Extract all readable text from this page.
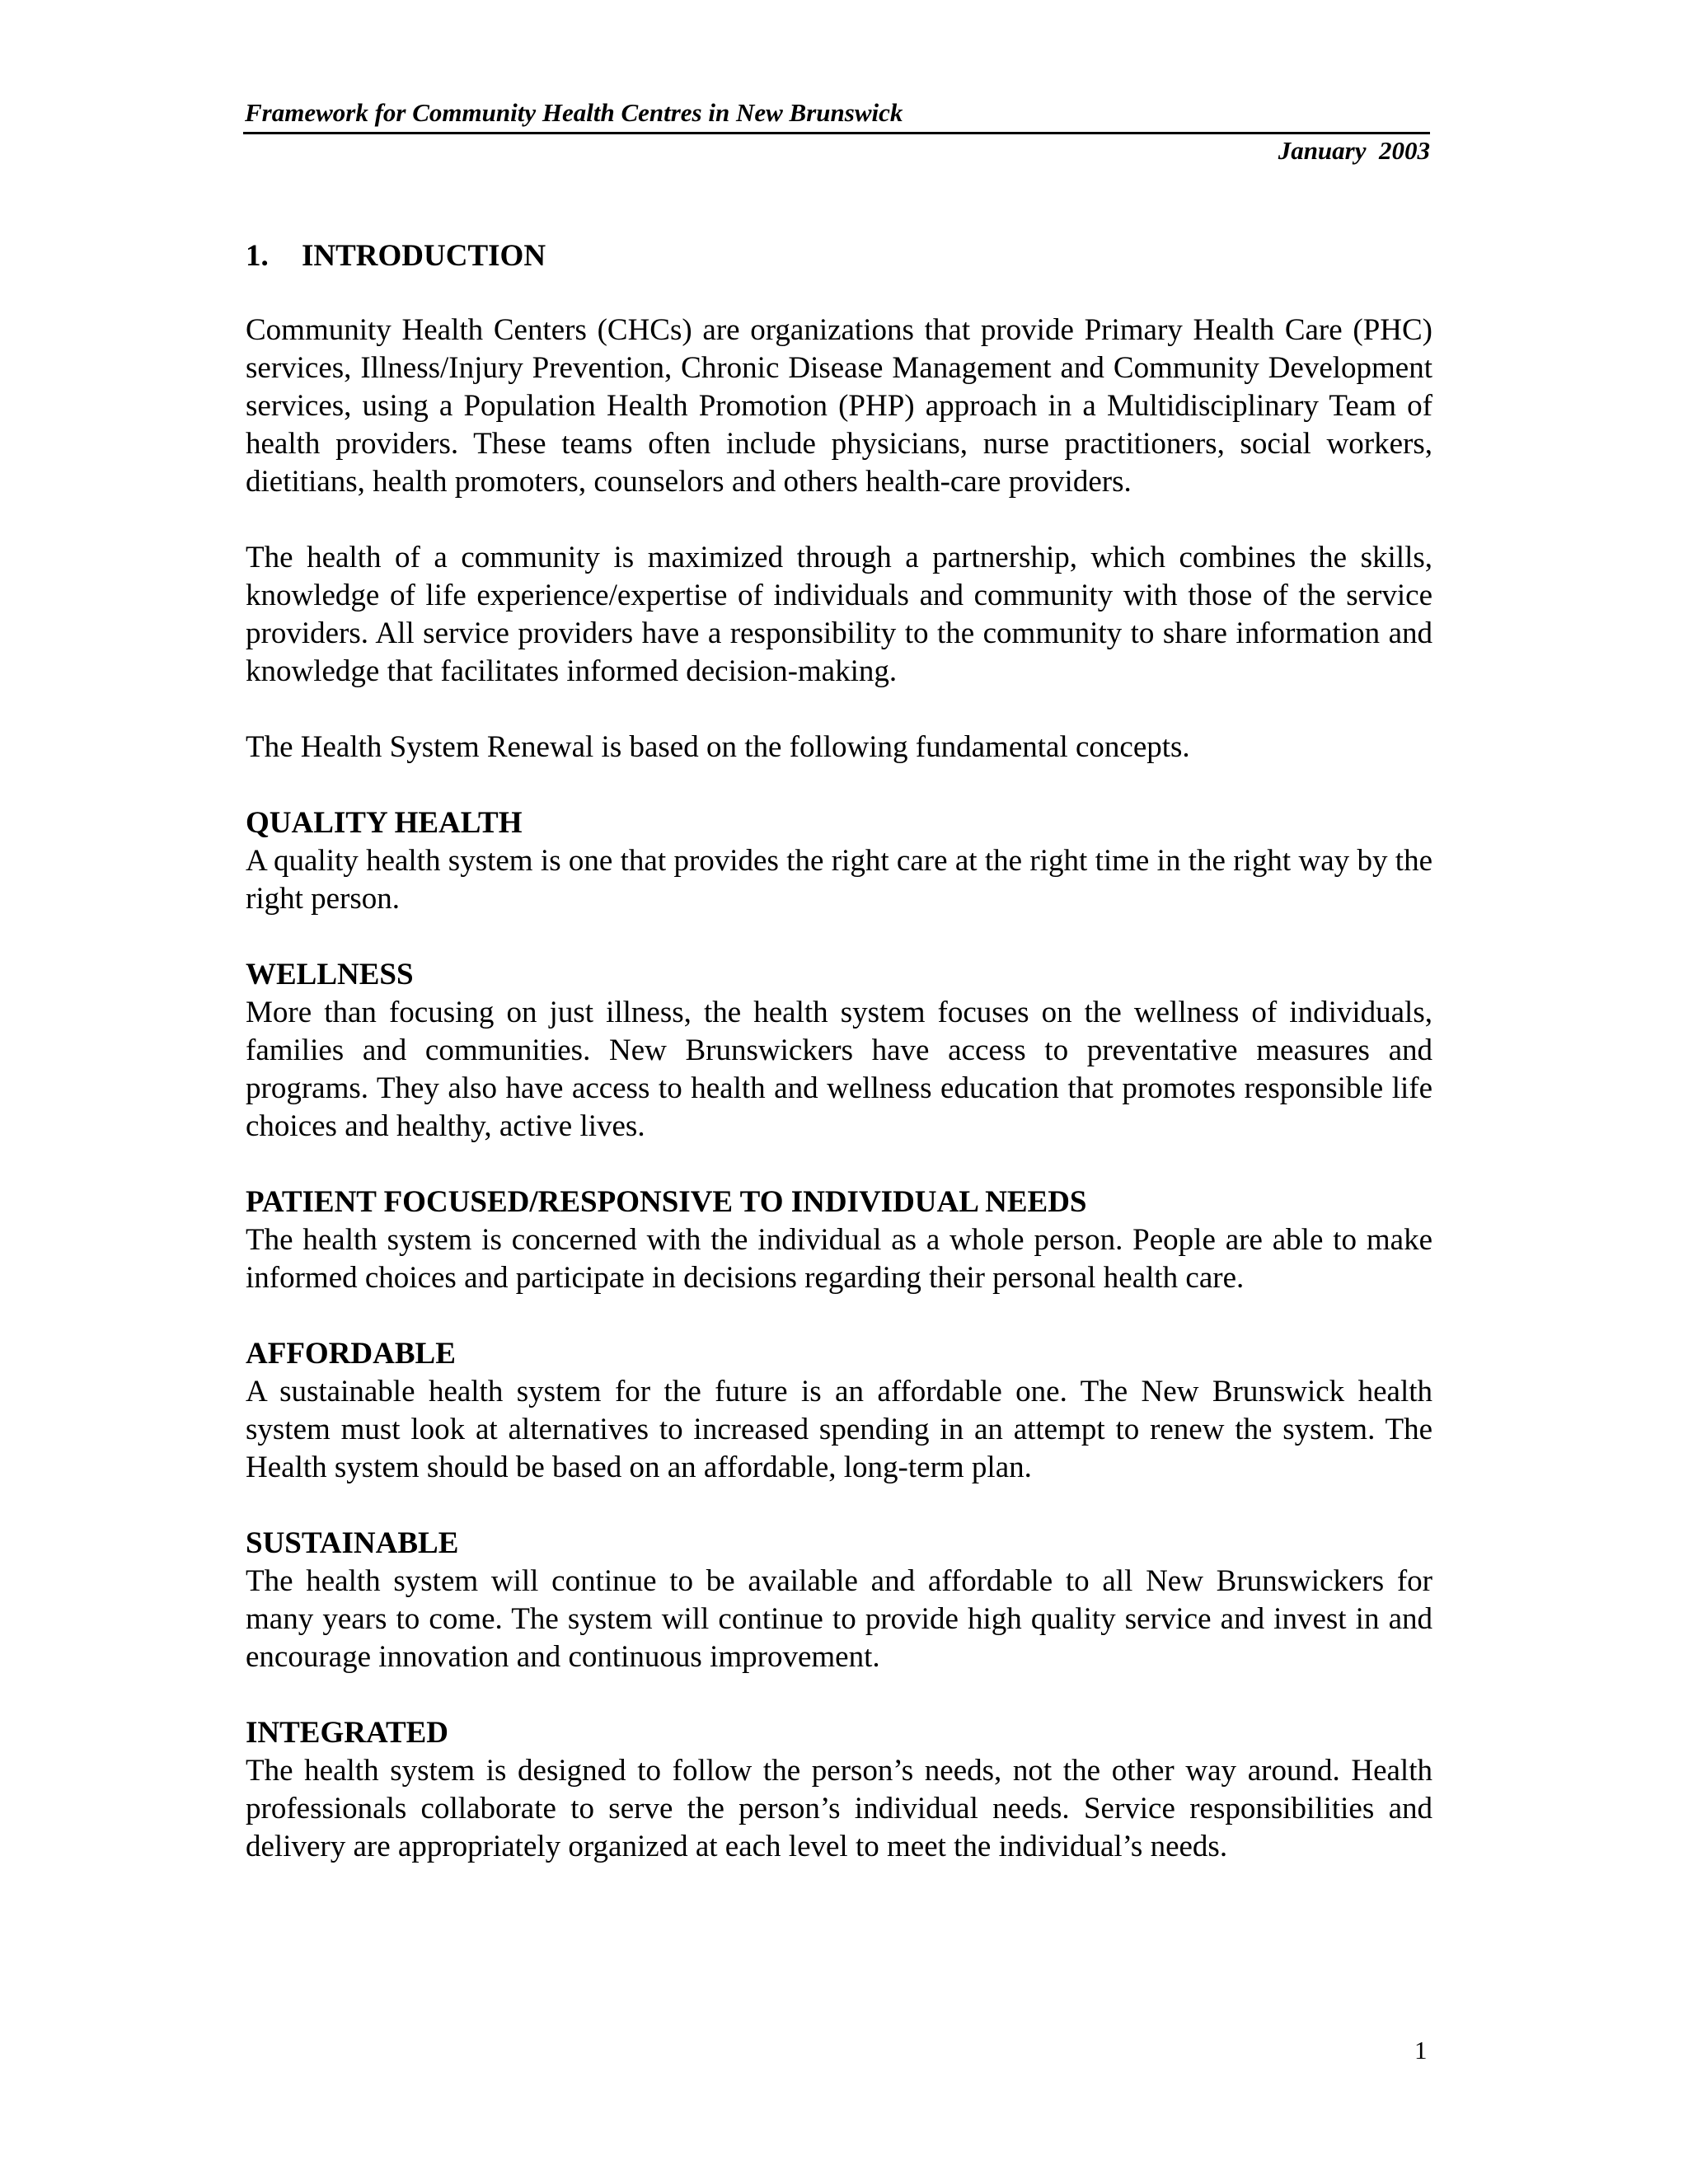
Framework for Community Health Centres in New Brunswick
January  2003
1. INTRODUCTION

Community Health Centers (CHCs) are organizations that provide Primary Health Care (PHC) services, Illness/Injury Prevention, Chronic Disease Management and Community Development services, using a Population Health Promotion (PHP) approach in a Multidisciplinary Team of health providers. These teams often include physicians, nurse practitioners, social workers, dietitians, health promoters, counselors and others health-care providers.

The health of a community is maximized through a partnership, which combines the skills, knowledge of life experience/expertise of individuals and community with those of the service providers. All service providers have a responsibility to the community to share information and knowledge that facilitates informed decision-making.

The Health System Renewal is based on the following fundamental concepts.

QUALITY HEALTH

A quality health system is one that provides the right care at the right time in the right way by the right person.

WELLNESS

More than focusing on just illness, the health system focuses on the wellness of individuals, families and communities. New Brunswickers have access to preventative measures and programs. They also have access to health and wellness education that promotes responsible life choices and healthy, active lives.

PATIENT FOCUSED/RESPONSIVE TO INDIVIDUAL NEEDS

The health system is concerned with the individual as a whole person. People are able to make informed choices and participate in decisions regarding their personal health care.

AFFORDABLE

A sustainable health system for the future is an affordable one. The New Brunswick health system must look at alternatives to increased spending in an attempt to renew the system. The Health system should be based on an affordable, long-term plan.

SUSTAINABLE

The health system will continue to be available and affordable to all New Brunswickers for many years to come. The system will continue to provide high quality service and invest in and encourage innovation and continuous improvement.

INTEGRATED

The health system is designed to follow the person’s needs, not the other way around. Health professionals collaborate to serve the person’s individual needs. Service responsibilities and delivery are appropriately organized at each level to meet the individual’s needs.

1
